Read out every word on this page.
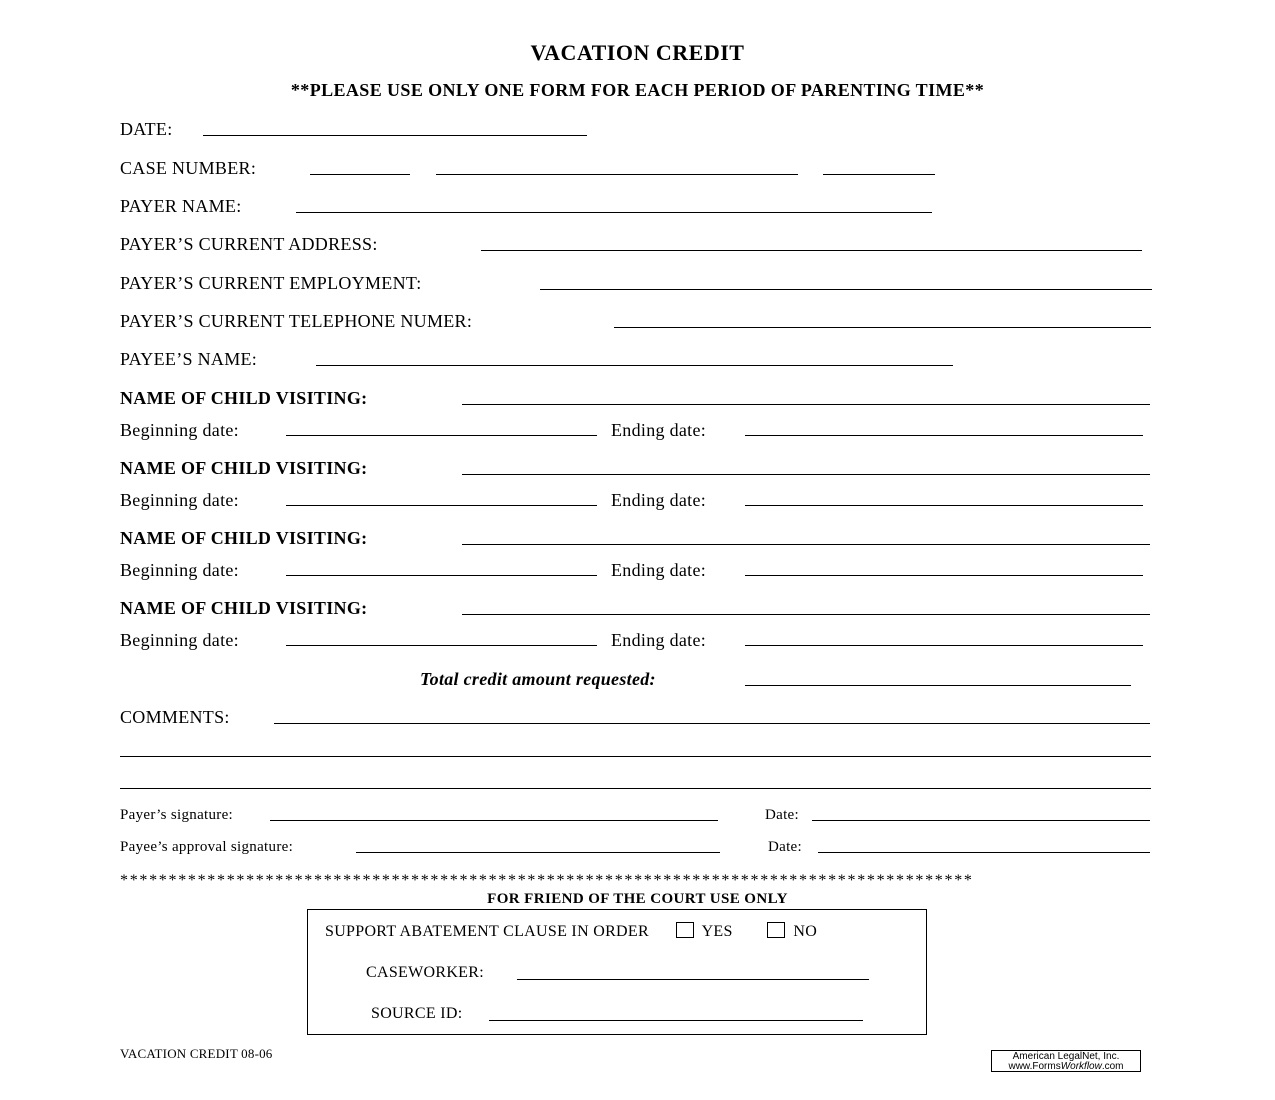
VACATION CREDIT
**PLEASE USE ONLY ONE FORM FOR EACH PERIOD OF PARENTING TIME**
DATE:
CASE NUMBER:
PAYER NAME:
PAYER’S CURRENT ADDRESS:
PAYER’S CURRENT EMPLOYMENT:
PAYER’S CURRENT TELEPHONE NUMER:
PAYEE’S NAME:
NAME OF CHILD VISITING:
Beginning date:	Ending date:
NAME OF CHILD VISITING:
Beginning date:	Ending date:
NAME OF CHILD VISITING:
Beginning date:	Ending date:
NAME OF CHILD VISITING:
Beginning date:	Ending date:
Total credit amount requested:
COMMENTS:
Payer’s signature:	Date:
Payee’s approval signature:	Date:
****************************************************************************************
FOR FRIEND OF THE COURT USE ONLY
SUPPORT ABATEMENT CLAUSE IN ORDER	YES	NO
CASEWORKER:
SOURCE ID:
VACATION CREDIT 08-06	American LegalNet, Inc.
www.FormsWorkflow.com
